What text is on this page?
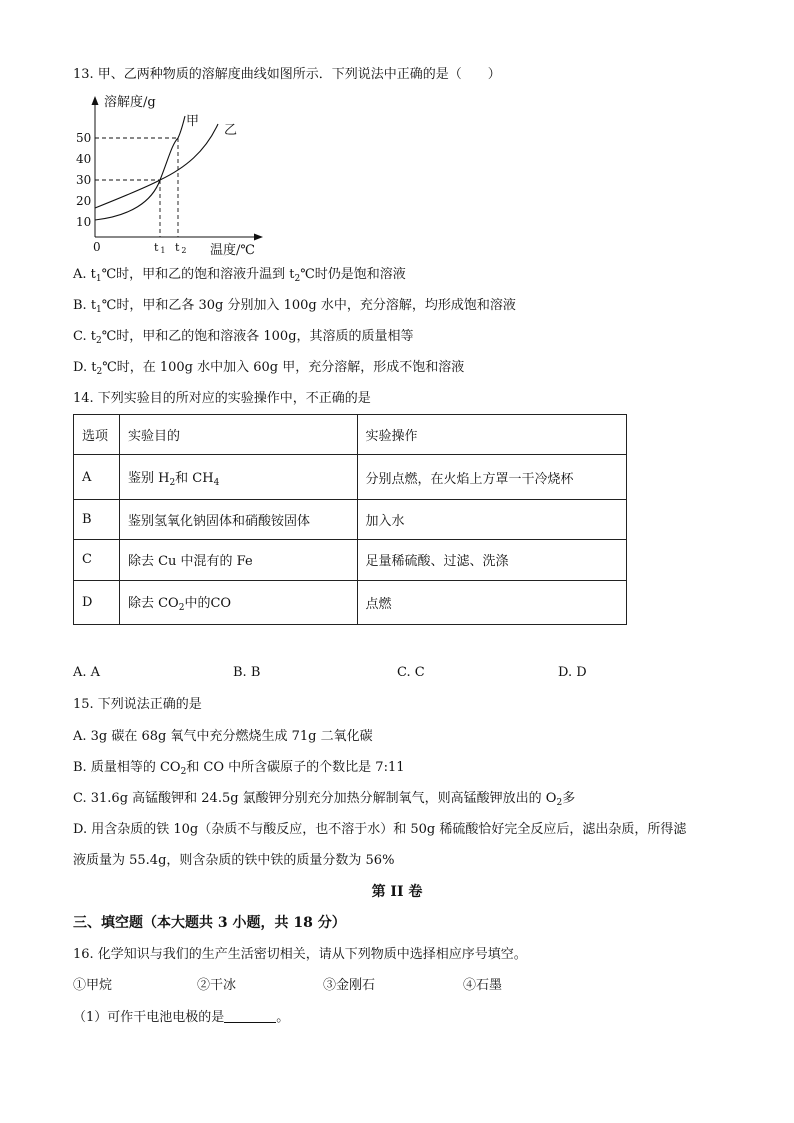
13. 甲、乙两种物质的溶解度曲线如图所示．下列说法中正确的是（　　）
溶解度/g
温度/℃
0
50
40
30
20
10
甲
乙
t 1 t 2
A. $t_1℃$时，甲和乙的饱和溶液升温到 $t_2℃$时仍是饱和溶液
B. $t_1℃$时，甲和乙各 30g 分别加入 100g 水中，充分溶解，均形成饱和溶液
C. $t_2℃$时，甲和乙的饱和溶液各 100g，其溶质的质量相等
D. $t_2℃$时，在 100g 水中加入 60g 甲，充分溶解，形成不饱和溶液
14. 下列实验目的所对应的实验操作中，不正确的是
选项	实验目的	实验操作
A	鉴别 $H_2$和 $CH_4$	分别点燃，在火焰上方罩一干冷烧杯
B	鉴别氢氧化钠固体和硝酸铵固体	加入水
C	除去 Cu 中混有的 Fe	足量稀硫酸、过滤、洗涤
D	除去 $CO_2$中的CO	点燃
A. A	B. B	C. C	D. D
15. 下列说法正确的是
A. 3g 碳在 68g 氧气中充分燃烧生成 71g 二氧化碳
B. 质量相等的 $CO_2$和 CO 中所含碳原子的个数比是 7:11
C. 31.6g 高锰酸钾和 24.5g 氯酸钾分别充分加热分解制氧气，则高锰酸钾放出的 $O_2$多
D. 用含杂质的铁 10g（杂质不与酸反应，也不溶于水）和 50g 稀硫酸恰好完全反应后，滤出杂质，所得滤
液质量为 55.4g，则含杂质的铁中铁的质量分数为 56%
第 II 卷
三、填空题（本大题共 3 小题，共 18 分）
16. 化学知识与我们的生产生活密切相关，请从下列物质中选择相应序号填空。
①甲烷	②干冰	③金刚石	④石墨
（1）可作干电池电极的是	。
